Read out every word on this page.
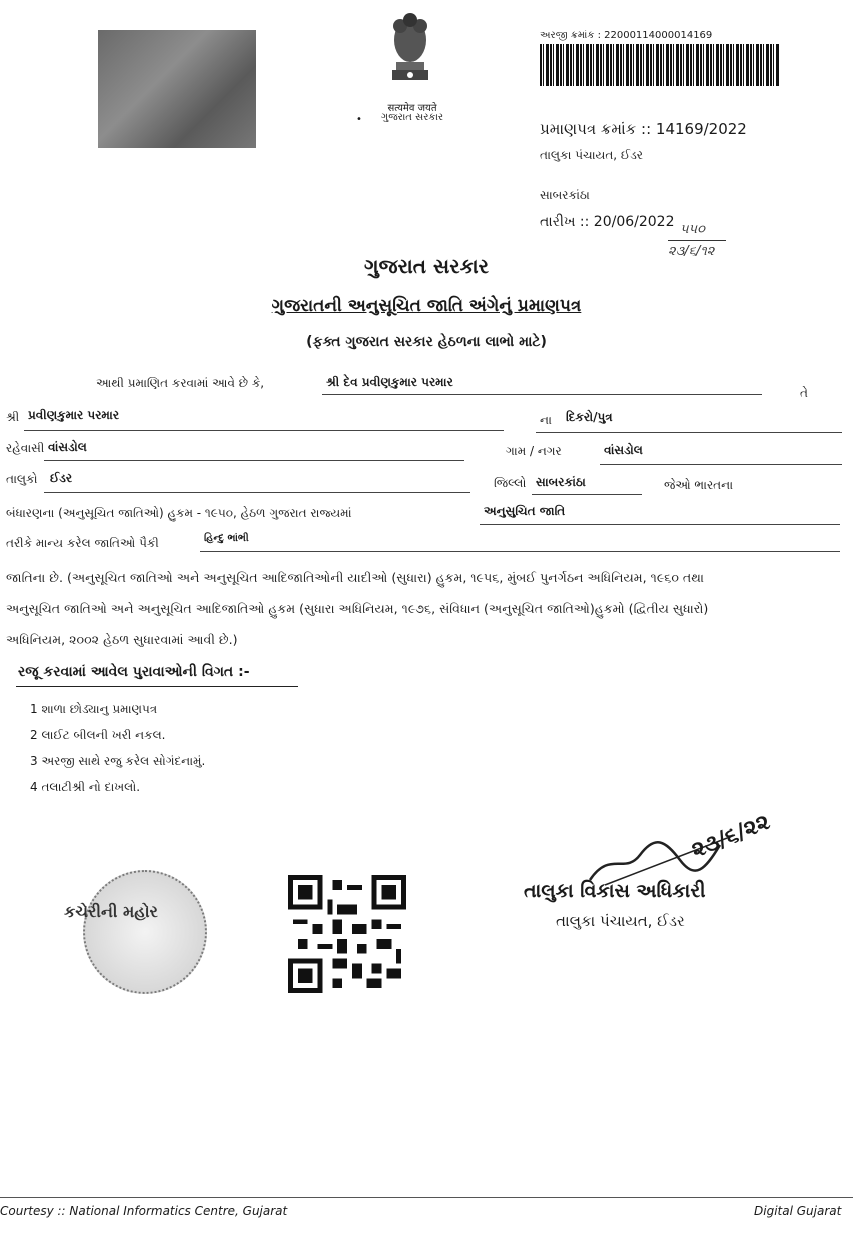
सत्यमेव जयते
ગુજરાત સરકાર
•
અરજી ક્રમાંક : 22000114000014169
પ્રમાણપત્ર ક્રમાંક :: 14169/2022
તાલુકા પંચાયત, ઈડર
સાબરકાંઠા
તારીખ :: 20/06/2022 ૫૫૦
૨૩/૬/૧૨
ગુજરાત સરકાર
ગુજરાતની અનુસૂચિત જાતિ અંગેનું પ્રમાણપત્ર
(ફક્ત ગુજરાત સરકાર હેઠળના લાભો માટે)
આથી પ્રમાણિત કરવામાં આવે છે કે,	શ્રી દેવ પ્રવીણકુમાર પરમાર
તે
શ્રી પ્રવીણકુમાર પરમાર	ના દિકરો/પુત્ર
રહેવાસી વાંસડોલ	ગામ / નગર	વાંસડોલ
તાલુકો ઈડર	જિલ્લો સાબરકાંઠા	જેઓ ભારતના
બંધારણના (અનુસૂચિત જાતિઓ) હુકમ - ૧૯૫૦, હેઠળ ગુજરાત રાજ્યમાં	અનુસુચિત જાતિ
તરીકે માન્ય કરેલ જાતિઓ પૈકી	હિન્દુ ભાંભી
જાતિના છે. (અનુસૂચિત જાતિઓ અને અનુસૂચિત આદિજાતિઓની યાદીઓ (સુધારા) હુકમ, ૧૯૫૬, મુંબઈ પુનર્ગઠન અધિનિયમ, ૧૯૬૦ તથા
અનુસૂચિત જાતિઓ અને અનુસૂચિત આદિજાતિઓ હુકમ (સુધારા અધિનિયમ, ૧૯૭૬, સંવિધાન (અનુસૂચિત જાતિઓ)હુકમો (દ્વિતીય સુધારો)
અધિનિયમ, ૨૦૦૨ હેઠળ સુધારવામાં આવી છે.)
રજૂ કરવામાં આવેલ પુરાવાઓની વિગત :-
1 શાળા છોડ્યાનુ પ્રમાણપત્ર
2 લાઈટ બીલની ખરી નકલ.
3 અરજી સાથે રજુ કરેલ સોગંદનામું.
4 તલાટીશ્રી નો દાખલો.
કચેરીની મહોર
૨૩/૬/૨૨
તાલુકા વિકાસ અધિકારી
તાલુકા પંચાયત, ઈડર
Courtesy :: National Informatics Centre, Gujarat	Digital Gujarat
